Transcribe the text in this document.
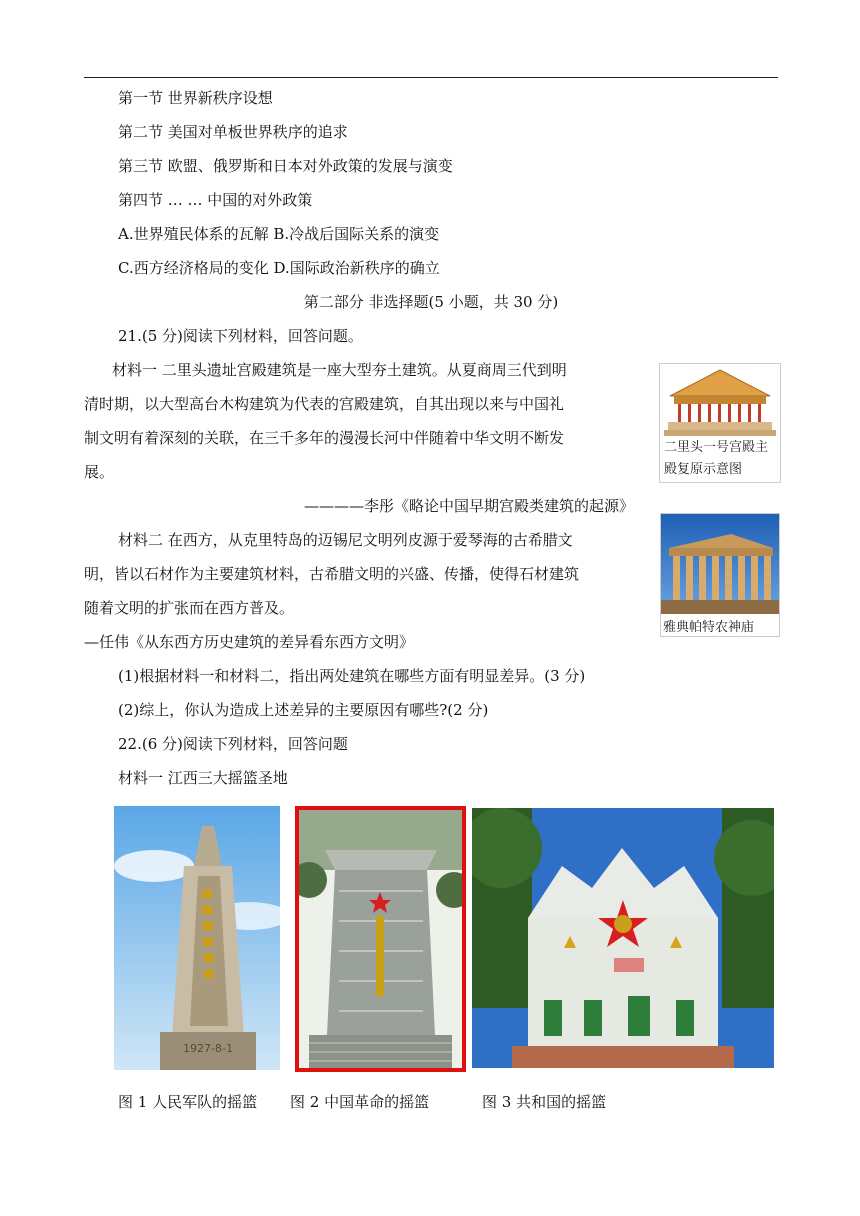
第一节 世界新秩序设想
第二节 美国对单板世界秩序的追求
第三节 欧盟、俄罗斯和日本对外政策的发展与演变
第四节 … … 中国的对外政策
A.世界殖民体系的瓦解 B.冷战后国际关系的演变
C.西方经济格局的变化 D.国际政治新秩序的确立
第二部分 非选择题(5 小题，共 30 分)
21.(5 分)阅读下列材料，回答问题。
材料一 二里头遗址宫殿建筑是一座大型夯土建筑。从夏商周三代到明
清时期，以大型高台木构建筑为代表的宫殿建筑，自其出现以来与中国礼
制文明有着深刻的关联，在三千多年的漫漫长河中伴随着中华文明不断发
展。
————李彤《略论中国早期宫殿类建筑的起源》
材料二 在西方，从克里特岛的迈锡尼文明列皮源于爱琴海的古希腊文
明，皆以石材作为主要建筑材料，古希腊文明的兴盛、传播，使得石材建筑
随着文明的扩张而在西方普及。
—任伟《从东西方历史建筑的差异看东西方文明》
(1)根据材料一和材料二，指出两处建筑在哪些方面有明显差异。(3 分)
(2)综上，你认为造成上述差异的主要原因有哪些?(2 分)
22.(6 分)阅读下列材料，回答问题
材料一 江西三大摇篮圣地
二里头一号宫殿主
殿复原示意图
雅典帕特农神庙
1927-8-1
图 1 人民军队的摇篮 图 2 中国革命的摇篮	图 3 共和国的摇篮
